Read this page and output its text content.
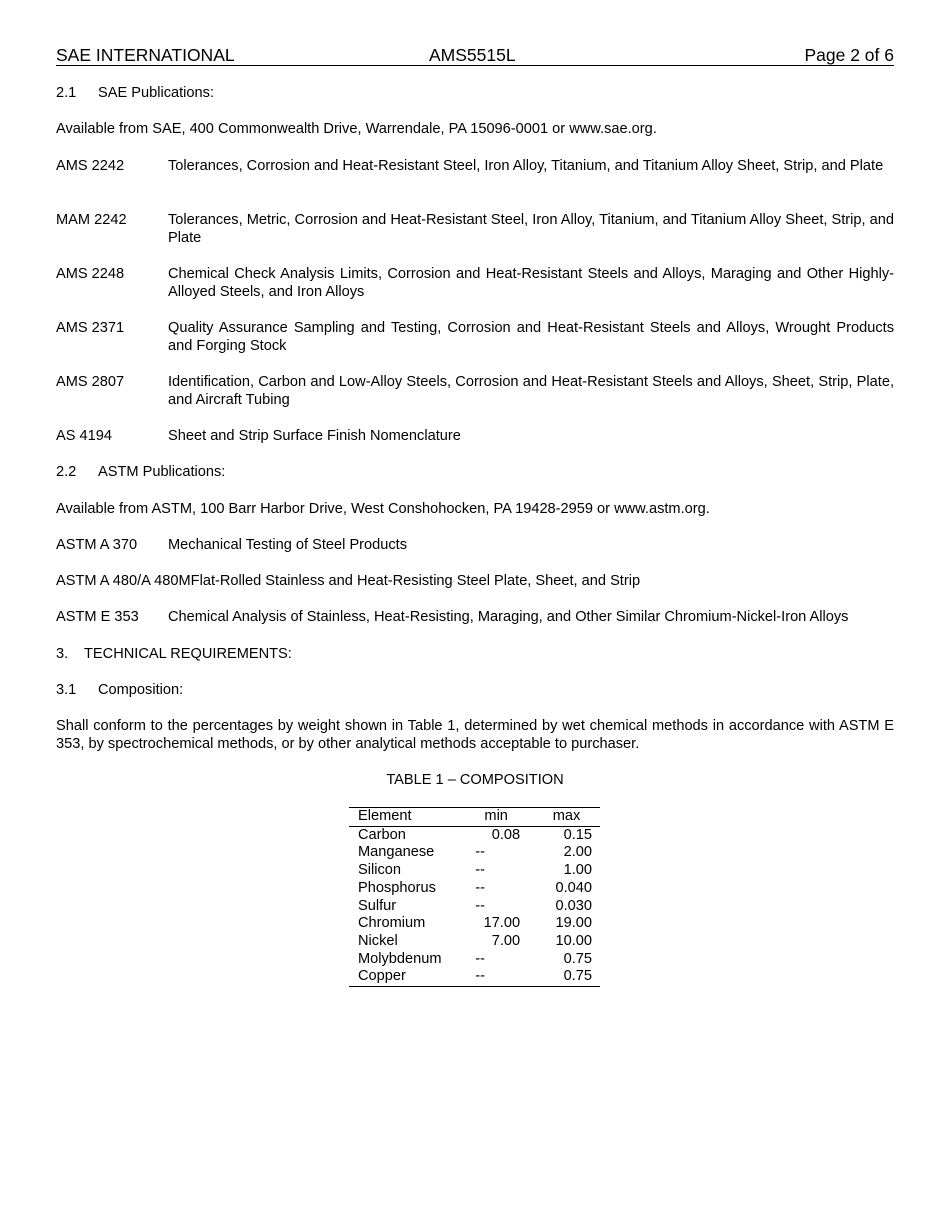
SAE INTERNATIONAL	AMS5515L	Page 2 of 6
2.1 SAE Publications:
Available from SAE, 400 Commonwealth Drive, Warrendale, PA 15096-0001 or www.sae.org.
AMS 2242	Tolerances, Corrosion and Heat-Resistant Steel, Iron Alloy, Titanium, and Titanium Alloy Sheet, Strip, and Plate
MAM 2242	Tolerances, Metric, Corrosion and Heat-Resistant Steel, Iron Alloy, Titanium, and Titanium Alloy Sheet, Strip, and Plate
AMS 2248	Chemical Check Analysis Limits, Corrosion and Heat-Resistant Steels and Alloys, Maraging and Other Highly-Alloyed Steels, and Iron Alloys
AMS 2371	Quality Assurance Sampling and Testing, Corrosion and Heat-Resistant Steels and Alloys, Wrought Products and Forging Stock
AMS 2807	Identification, Carbon and Low-Alloy Steels, Corrosion and Heat-Resistant Steels and Alloys, Sheet, Strip, Plate, and Aircraft Tubing
AS 4194	Sheet and Strip Surface Finish Nomenclature
2.2 ASTM Publications:
Available from ASTM, 100 Barr Harbor Drive, West Conshohocken, PA 19428-2959 or www.astm.org.
ASTM A 370 Mechanical Testing of Steel Products
ASTM A 480/A 480MFlat-Rolled Stainless and Heat-Resisting Steel Plate, Sheet, and Strip
ASTM E 353 Chemical Analysis of Stainless, Heat-Resisting, Maraging, and Other Similar Chromium-Nickel-Iron Alloys
3. TECHNICAL REQUIREMENTS:
3.1 Composition:
Shall conform to the percentages by weight shown in Table 1, determined by wet chemical methods in accordance with ASTM E 353, by spectrochemical methods, or by other analytical methods acceptable to purchaser.
TABLE 1 – COMPOSITION
Element	min	max
Carbon	0.08	0.15
Manganese	--	2.00
Silicon	--	1.00
Phosphorus	--	0.040
Sulfur	--	0.030
Chromium	17.00	19.00
Nickel	7.00	10.00
Molybdenum	--	0.75
Copper	--	0.75
